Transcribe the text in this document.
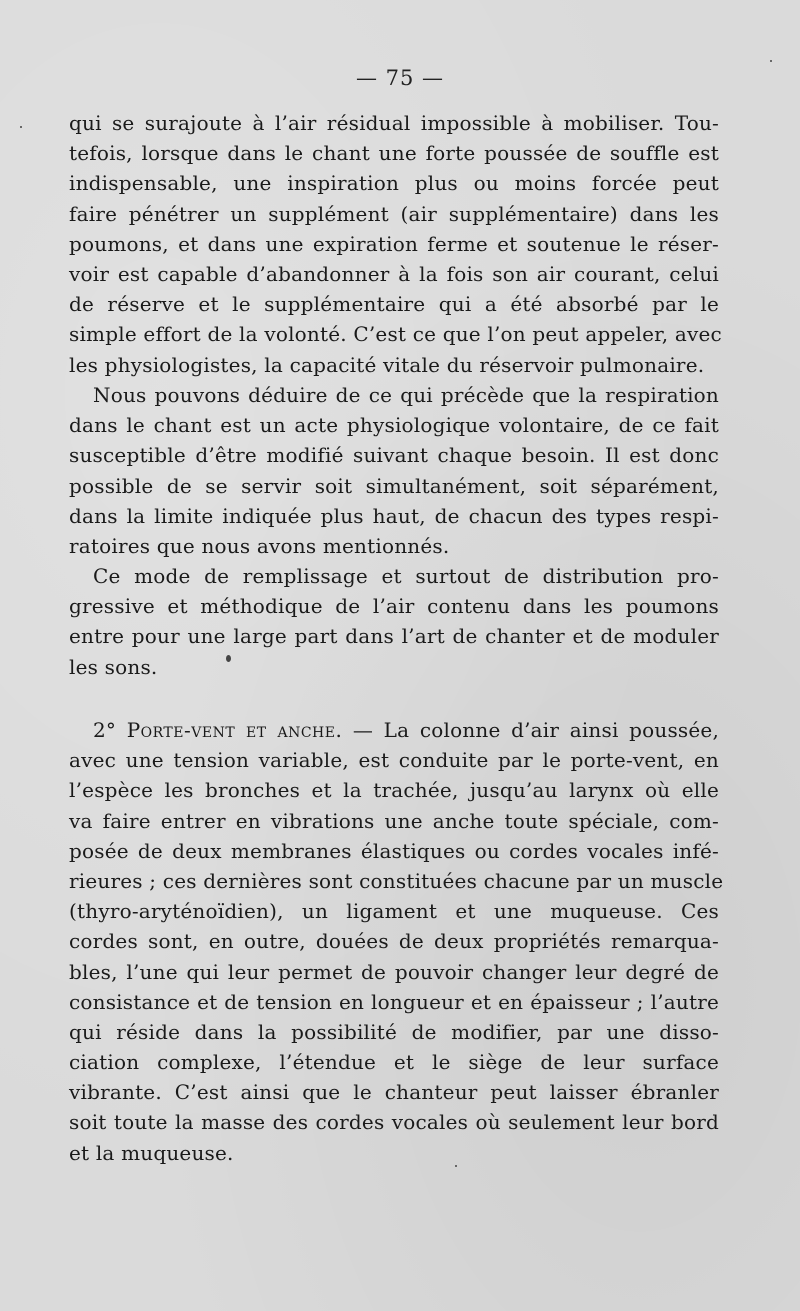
— 75 —
qui se surajoute à l’air résidual impossible à mobiliser. Tou-
tefois, lorsque dans le chant une forte poussée de souffle est
indispensable, une inspiration plus ou moins forcée peut
faire pénétrer un supplément (air supplémentaire) dans les
poumons, et dans une expiration ferme et soutenue le réser-
voir est capable d’abandonner à la fois son air courant, celui
de réserve et le supplémentaire qui a été absorbé par le
simple effort de la volonté. C’est ce que l’on peut appeler, avec
les physiologistes, la capacité vitale du réservoir pulmonaire.
Nous pouvons déduire de ce qui précède que la respiration
dans le chant est un acte physiologique volontaire, de ce fait
susceptible d’être modifié suivant chaque besoin. Il est donc
possible de se servir soit simultanément, soit séparément,
dans la limite indiquée plus haut, de chacun des types respi-
ratoires que nous avons mentionnés.
Ce mode de remplissage et surtout de distribution pro-
gressive et méthodique de l’air contenu dans les poumons
entre pour une large part dans l’art de chanter et de moduler
les sons.
2° Porte-vent et anche. — La colonne d’air ainsi poussée,
avec une tension variable, est conduite par le porte-vent, en
l’espèce les bronches et la trachée, jusqu’au larynx où elle
va faire entrer en vibrations une anche toute spéciale, com-
posée de deux membranes élastiques ou cordes vocales infé-
rieures ; ces dernières sont constituées chacune par un muscle
(thyro-aryténoïdien), un ligament et une muqueuse. Ces
cordes sont, en outre, douées de deux propriétés remarqua-
bles, l’une qui leur permet de pouvoir changer leur degré de
consistance et de tension en longueur et en épaisseur ; l’autre
qui réside dans la possibilité de modifier, par une disso-
ciation complexe, l’étendue et le siège de leur surface
vibrante. C’est ainsi que le chanteur peut laisser ébranler
soit toute la masse des cordes vocales où seulement leur bord
et la muqueuse.
